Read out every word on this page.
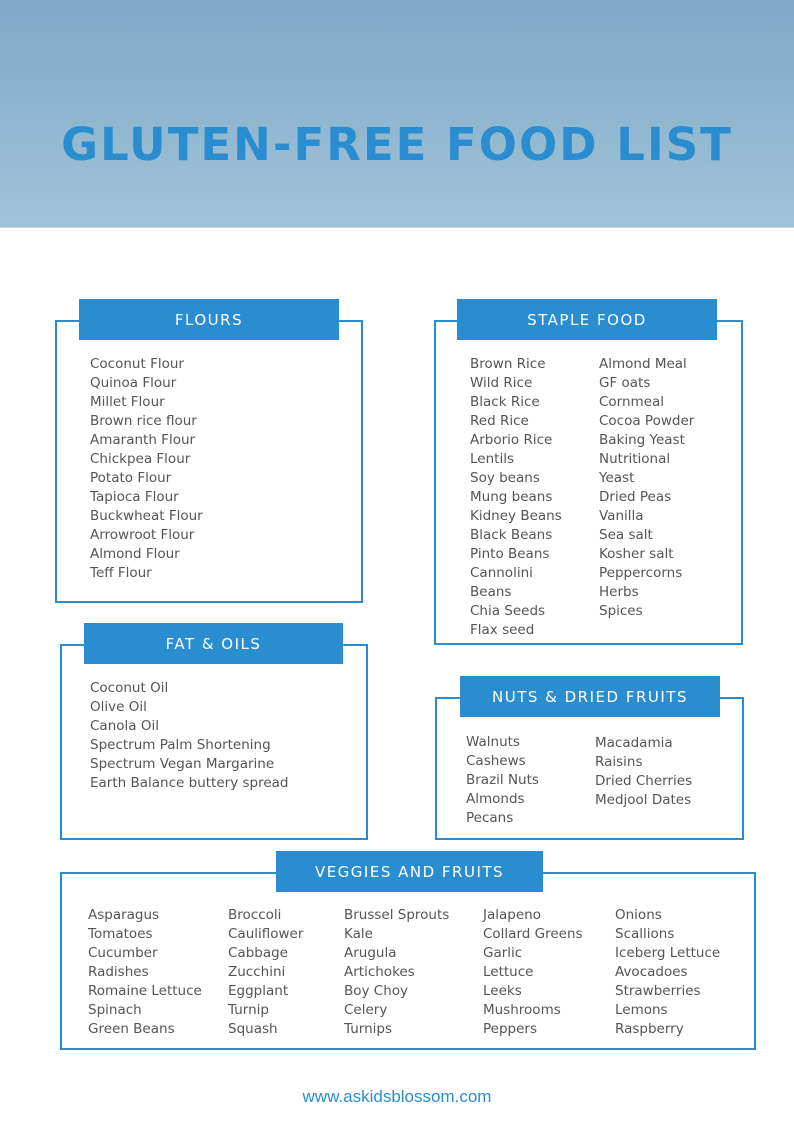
GLUTEN-FREE FOOD LIST
FLOURS
Coconut Flour
Quinoa Flour
Millet Flour
Brown rice flour
Amaranth Flour
Chickpea Flour
Potato Flour
Tapioca Flour
Buckwheat Flour
Arrowroot Flour
Almond Flour
Teff Flour
STAPLE FOOD
Brown Rice
Wild Rice
Black Rice
Red Rice
Arborio Rice
Lentils
Soy beans
Mung beans
Kidney Beans
Black Beans
Pinto Beans
Cannolini
Beans
Chia Seeds
Flax seed
Almond Meal
GF oats
Cornmeal
Cocoa Powder
Baking Yeast
Nutritional
Yeast
Dried Peas
Vanilla
Sea salt
Kosher salt
Peppercorns
Herbs
Spices
FAT & OILS
Coconut Oil
Olive Oil
Canola Oil
Spectrum Palm Shortening
Spectrum Vegan Margarine
Earth Balance buttery spread
NUTS & DRIED FRUITS
Walnuts
Cashews
Brazil Nuts
Almonds
Pecans
Macadamia
Raisins
Dried Cherries
Medjool Dates
VEGGIES AND FRUITS
Asparagus
Tomatoes
Cucumber
Radishes
Romaine Lettuce
Spinach
Green Beans
Broccoli
Cauliflower
Cabbage
Zucchini
Eggplant
Turnip
Squash
Brussel Sprouts
Kale
Arugula
Artichokes
Boy Choy
Celery
Turnips
Jalapeno
Collard Greens
Garlic
Lettuce
Leeks
Mushrooms
Peppers
Onions
Scallions
Iceberg Lettuce
Avocadoes
Strawberries
Lemons
Raspberry
www.askidsblossom.com
